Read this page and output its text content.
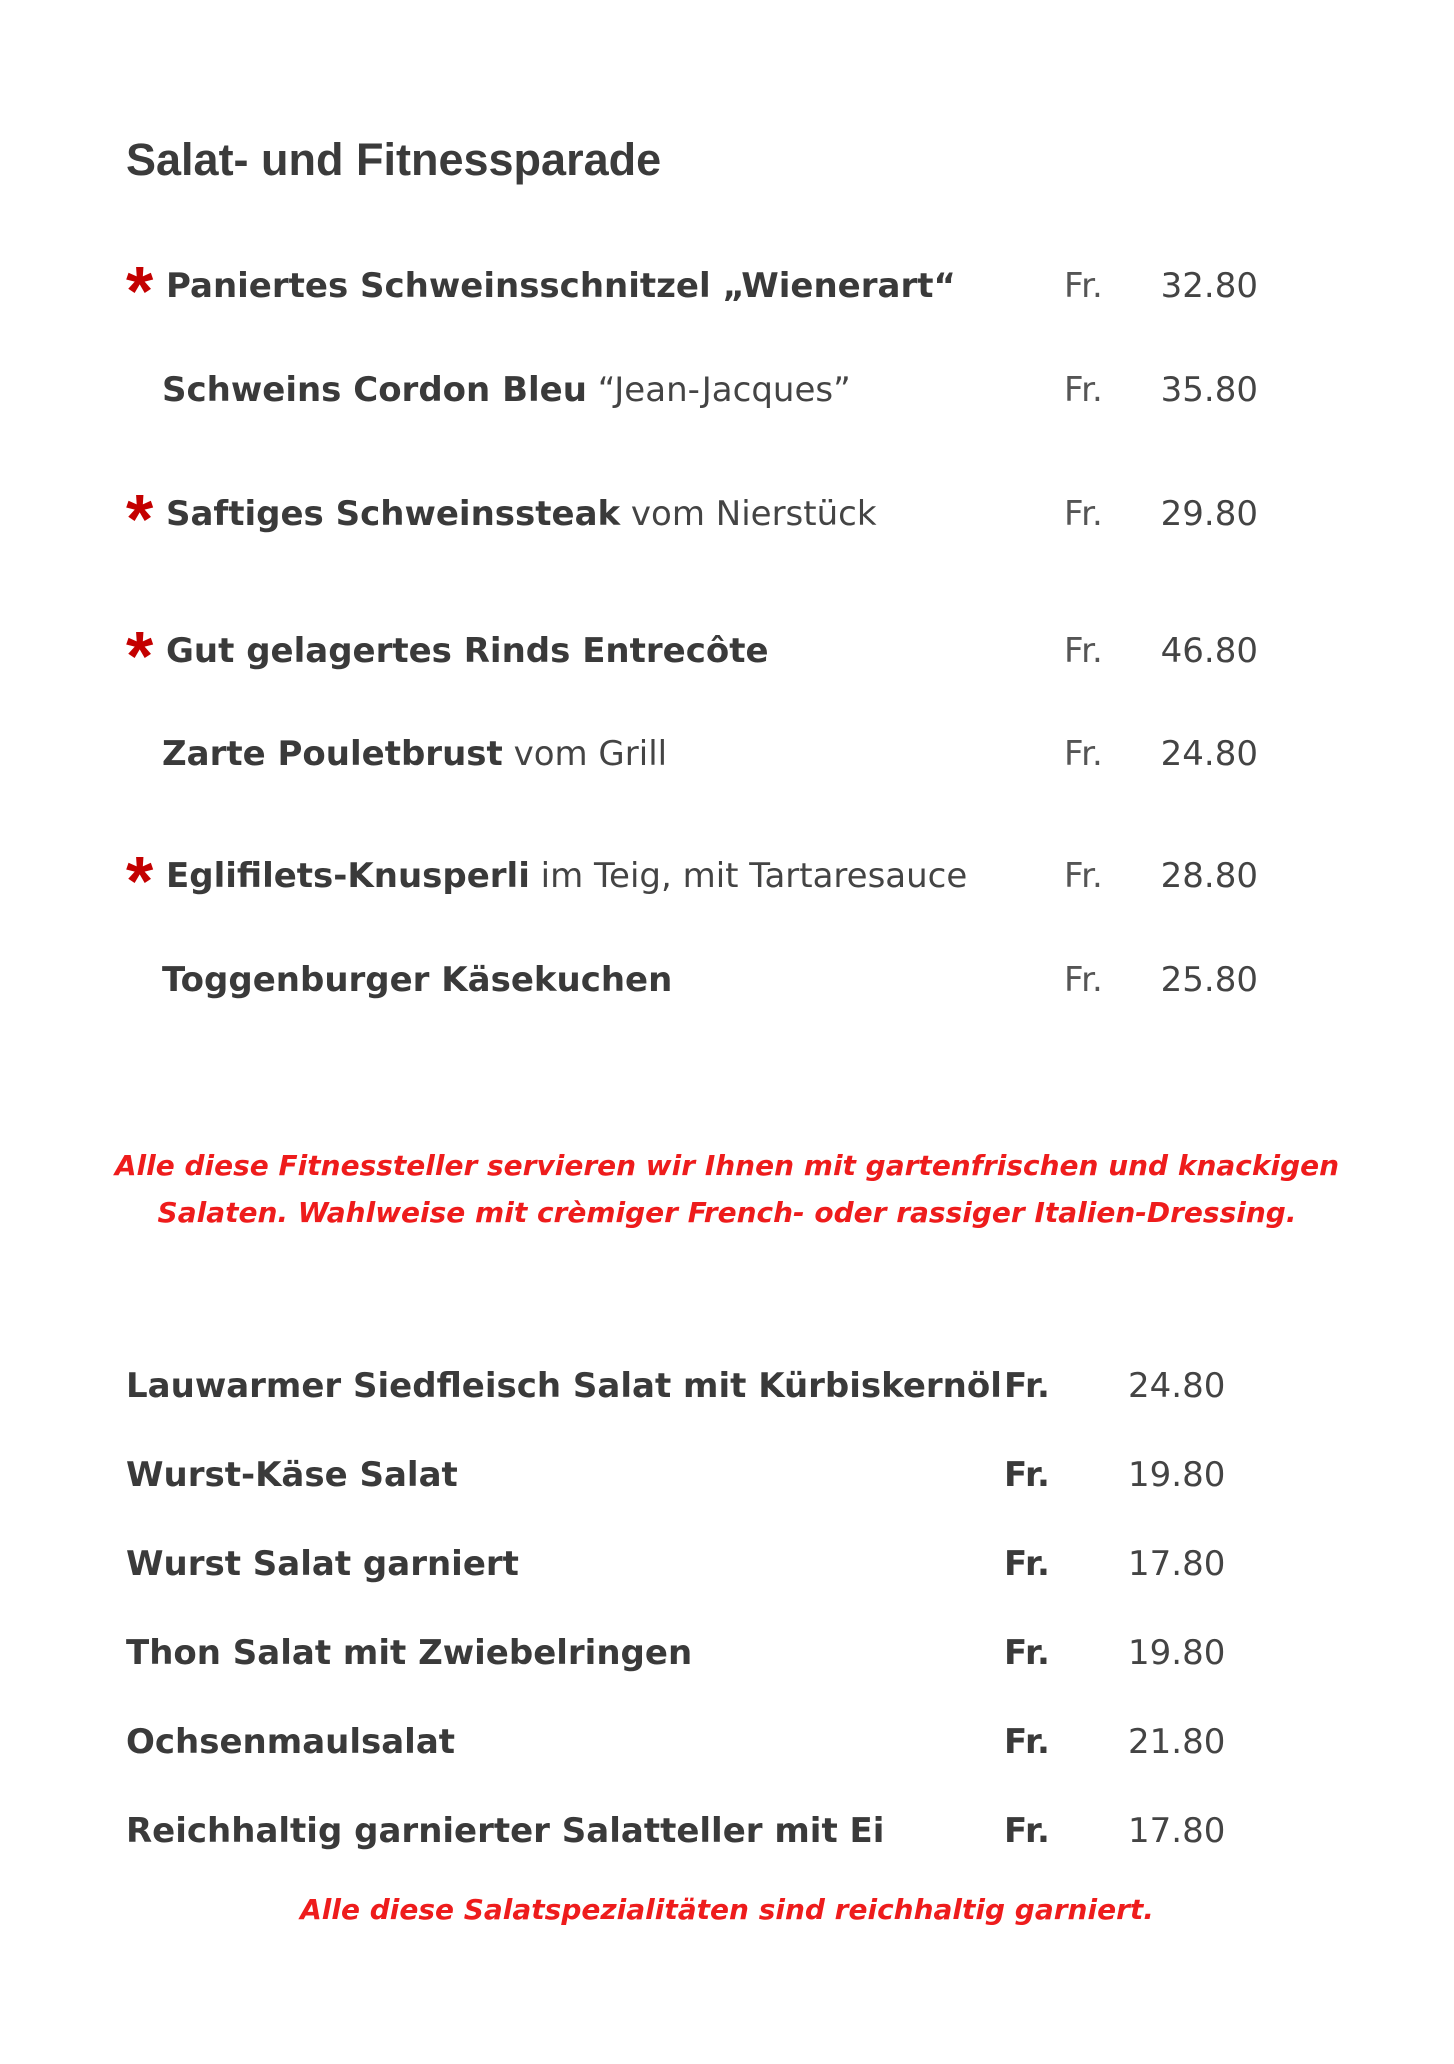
Salat- und Fitnessparade
* Paniertes Schweinsschnitzel „Wienerart“	Fr. 32.80
Schweins Cordon Bleu “Jean-Jacques”	Fr. 35.80
* Saftiges Schweinssteak vom Nierstück	Fr. 29.80
* Gut gelagertes Rinds Entrecôte	Fr. 46.80
Zarte Pouletbrust vom Grill	Fr. 24.80
* Eglifilets-Knusperli im Teig, mit Tartaresauce	Fr. 28.80
Toggenburger Käsekuchen	Fr. 25.80
Alle diese Fitnessteller servieren wir Ihnen mit gartenfrischen und knackigen
Salaten. Wahlweise mit crèmiger French- oder rassiger Italien-Dressing.
Lauwarmer Siedfleisch Salat mit Kürbiskernöl Fr. 24.80
Wurst-Käse Salat	Fr. 19.80
Wurst Salat garniert	Fr. 17.80
Thon Salat mit Zwiebelringen	Fr. 19.80
Ochsenmaulsalat	Fr. 21.80
Reichhaltig garnierter Salatteller mit Ei	Fr. 17.80
Alle diese Salatspezialitäten sind reichhaltig garniert.
